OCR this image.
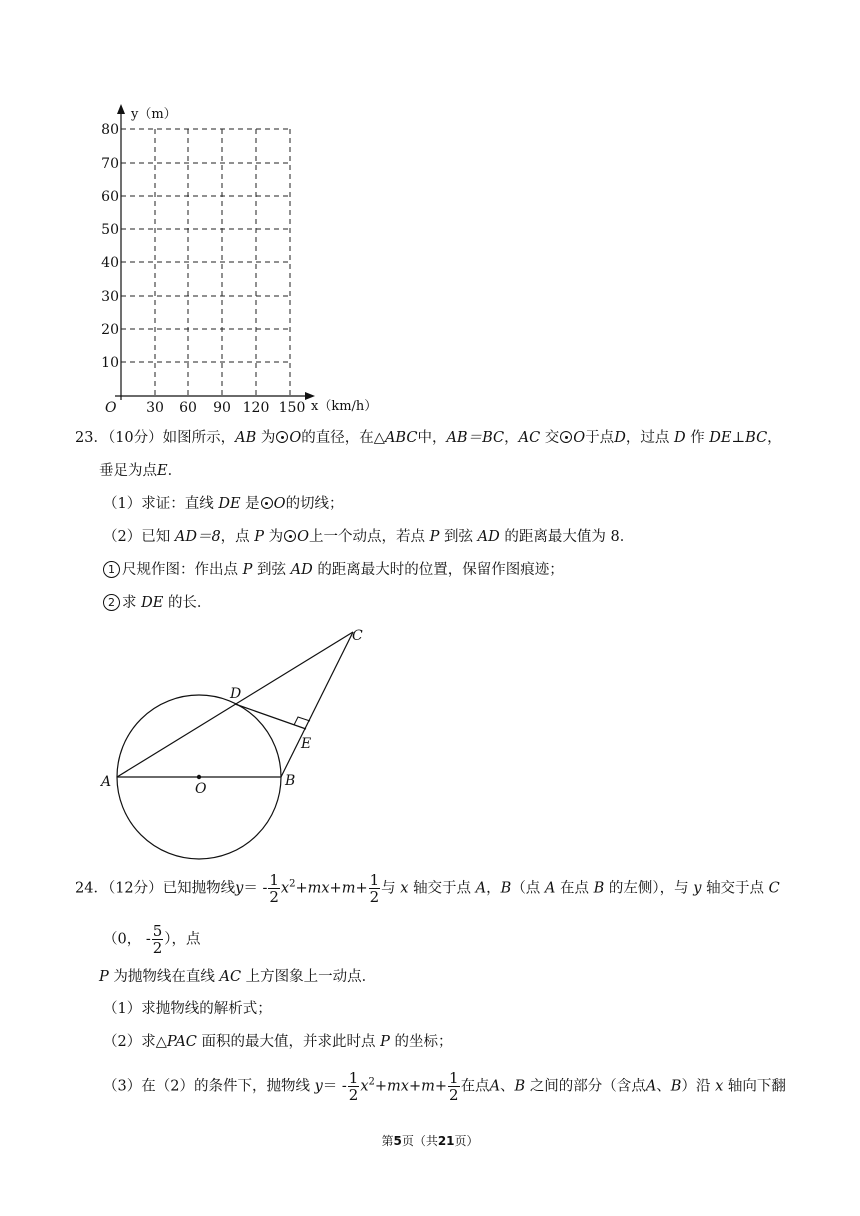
80
70
60
50
40
30
20
10
30 60 90 120 150
O
y（m）
x（km/h）
23．（10分）如图所示，AB 为 O的直径，在△ABC中，AB＝BC，AC 交 O于点D，过点 D 作 DE⊥BC，
垂足为点E．
（1）求证：直线 DE 是 O的切线；
（2）已知 AD＝8，点 P 为 O上一个动点，若点 P 到弦 AD 的距离最大值为 8．
1 尺规作图：作出点 P 到弦 AD 的距离最大时的位置，保留作图痕迹；
2 求 DE 的长．
A	O	B
C
D
E
24．（12分）已知抛物线$y= - \frac{1}{2} x^2+mx+m+ \frac{1}{2}$ 与 x 轴交于点 A，B（点 A 在点 B 的左侧），与 y 轴交于点 C
（0， - $\frac{5}{2}$ ），点
P 为抛物线在直线 AC 上方图象上一动点．
（1）求抛物线的解析式；
（2）求△PAC 面积的最大值，并求此时点 P 的坐标；
（3）在（2）的条件下，抛物线 $y= - \frac{1}{2} x^2+mx+m+ \frac{1}{2}$ 在点A、B 之间的部分（含点A、B）沿 x 轴向下翻
第5页（共21页）
